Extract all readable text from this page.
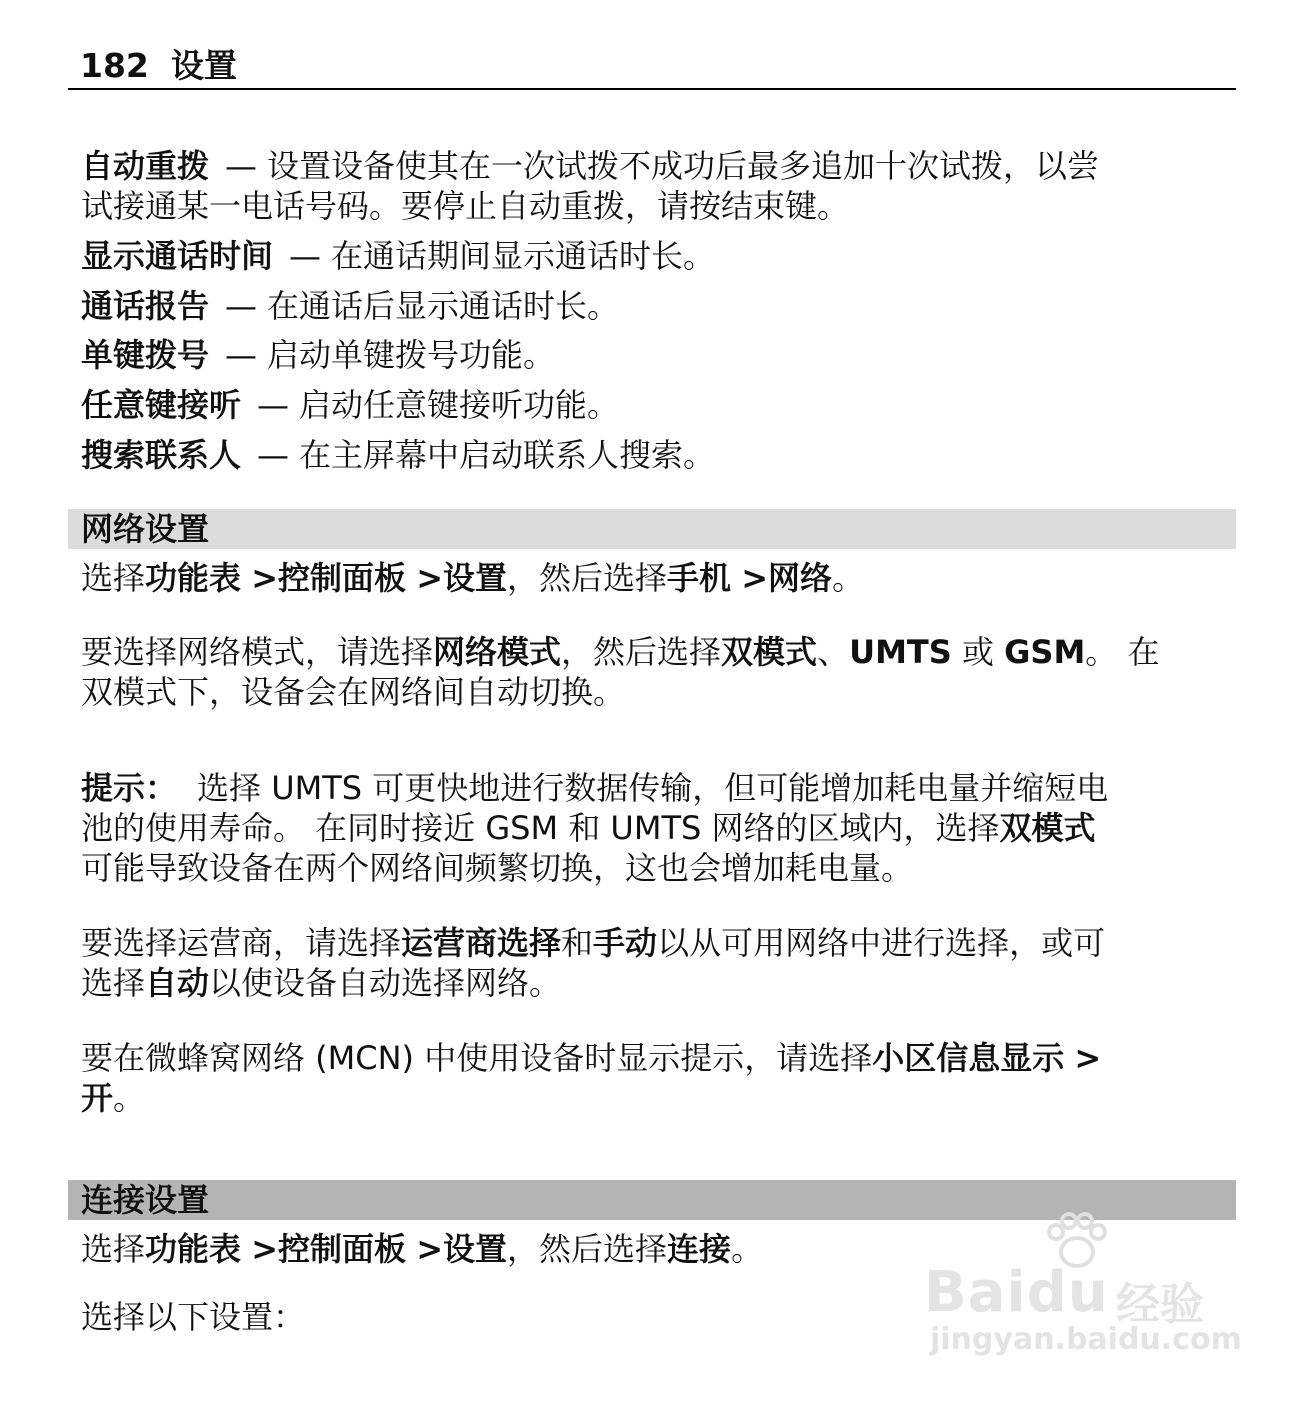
182 设置
自动重拨 — 设置设备使其在一次试拨不成功后最多追加十次试拨，以尝
试接通某一电话号码。要停止自动重拨，请按结束键。
显示通话时间 — 在通话期间显示通话时长。
通话报告 — 在通话后显示通话时长。
单键拨号 — 启动单键拨号功能。
任意键接听 — 启动任意键接听功能。
搜索联系人 — 在主屏幕中启动联系人搜索。
网络设置
选择功能表 >控制面板 >设置，然后选择手机 >网络。
要选择网络模式，请选择网络模式，然后选择双模式、UMTS 或 GSM。 在
双模式下，设备会在网络间自动切换。
提示： 选择 UMTS 可更快地进行数据传输，但可能增加耗电量并缩短电
池的使用寿命。 在同时接近 GSM 和 UMTS 网络的区域内，选择双模式
可能导致设备在两个网络间频繁切换，这也会增加耗电量。
要选择运营商，请选择运营商选择和手动以从可用网络中进行选择，或可
选择自动以使设备自动选择网络。
要在微蜂窝网络 (MCN) 中使用设备时显示提示，请选择小区信息显示 >
开。
连接设置
选择功能表 >控制面板 >设置，然后选择连接。
选择以下设置：	Baidu 经验
jingyan.baidu.com
